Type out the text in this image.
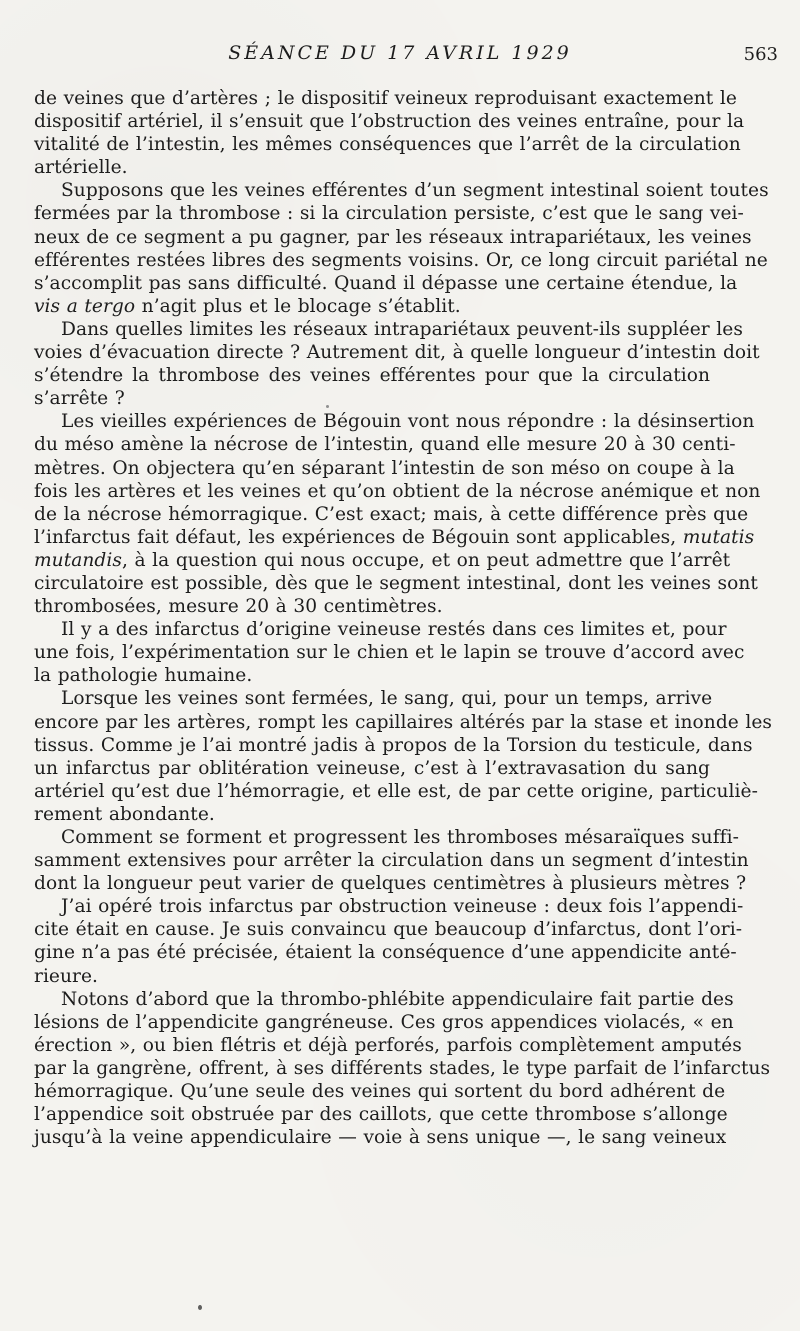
SÉANCE DU 17 AVRIL 1929	563
de veines que d’artères ; le dispositif veineux reproduisant exactement le
dispositif artériel, il s’ensuit que l’obstruction des veines entraîne, pour la
vitalité de l’intestin, les mêmes conséquences que l’arrêt de la circulation
artérielle.
Supposons que les veines efférentes d’un segment intestinal soient toutes
fermées par la thrombose : si la circulation persiste, c’est que le sang vei-
neux de ce segment a pu gagner, par les réseaux intrapariétaux, les veines
efférentes restées libres des segments voisins. Or, ce long circuit pariétal ne
s’accomplit pas sans difficulté. Quand il dépasse une certaine étendue, la
vis a tergo n’agit plus et le blocage s’établit.
Dans quelles limites les réseaux intrapariétaux peuvent-ils suppléer les
voies d’évacuation directe ? Autrement dit, à quelle longueur d’intestin doit
s’étendre la thrombose des veines efférentes pour que la circulation
s’arrête ?
Les vieilles expériences de Bégouin vont nous répondre : la désinsertion
du méso amène la nécrose de l’intestin, quand elle mesure 20 à 30 centi-
mètres. On objectera qu’en séparant l’intestin de son méso on coupe à la
fois les artères et les veines et qu’on obtient de la nécrose anémique et non
de la nécrose hémorragique. C’est exact; mais, à cette différence près que
l’infarctus fait défaut, les expériences de Bégouin sont applicables, mutatis
mutandis, à la question qui nous occupe, et on peut admettre que l’arrêt
circulatoire est possible, dès que le segment intestinal, dont les veines sont
thrombosées, mesure 20 à 30 centimètres.
Il y a des infarctus d’origine veineuse restés dans ces limites et, pour
une fois, l’expérimentation sur le chien et le lapin se trouve d’accord avec
la pathologie humaine.
Lorsque les veines sont fermées, le sang, qui, pour un temps, arrive
encore par les artères, rompt les capillaires altérés par la stase et inonde les
tissus. Comme je l’ai montré jadis à propos de la Torsion du testicule, dans
un infarctus par oblitération veineuse, c’est à l’extravasation du sang
artériel qu’est due l’hémorragie, et elle est, de par cette origine, particuliè-
rement abondante.
Comment se forment et progressent les thromboses mésaraïques suffi-
samment extensives pour arrêter la circulation dans un segment d’intestin
dont la longueur peut varier de quelques centimètres à plusieurs mètres ?
J’ai opéré trois infarctus par obstruction veineuse : deux fois l’appendi-
cite était en cause. Je suis convaincu que beaucoup d’infarctus, dont l’ori-
gine n’a pas été précisée, étaient la conséquence d’une appendicite anté-
rieure.
Notons d’abord que la thrombo-phlébite appendiculaire fait partie des
lésions de l’appendicite gangréneuse. Ces gros appendices violacés, « en
érection », ou bien flétris et déjà perforés, parfois complètement amputés
par la gangrène, offrent, à ses différents stades, le type parfait de l’infarctus
hémorragique. Qu’une seule des veines qui sortent du bord adhérent de
l’appendice soit obstruée par des caillots, que cette thrombose s’allonge
jusqu’à la veine appendiculaire — voie à sens unique —, le sang veineux
